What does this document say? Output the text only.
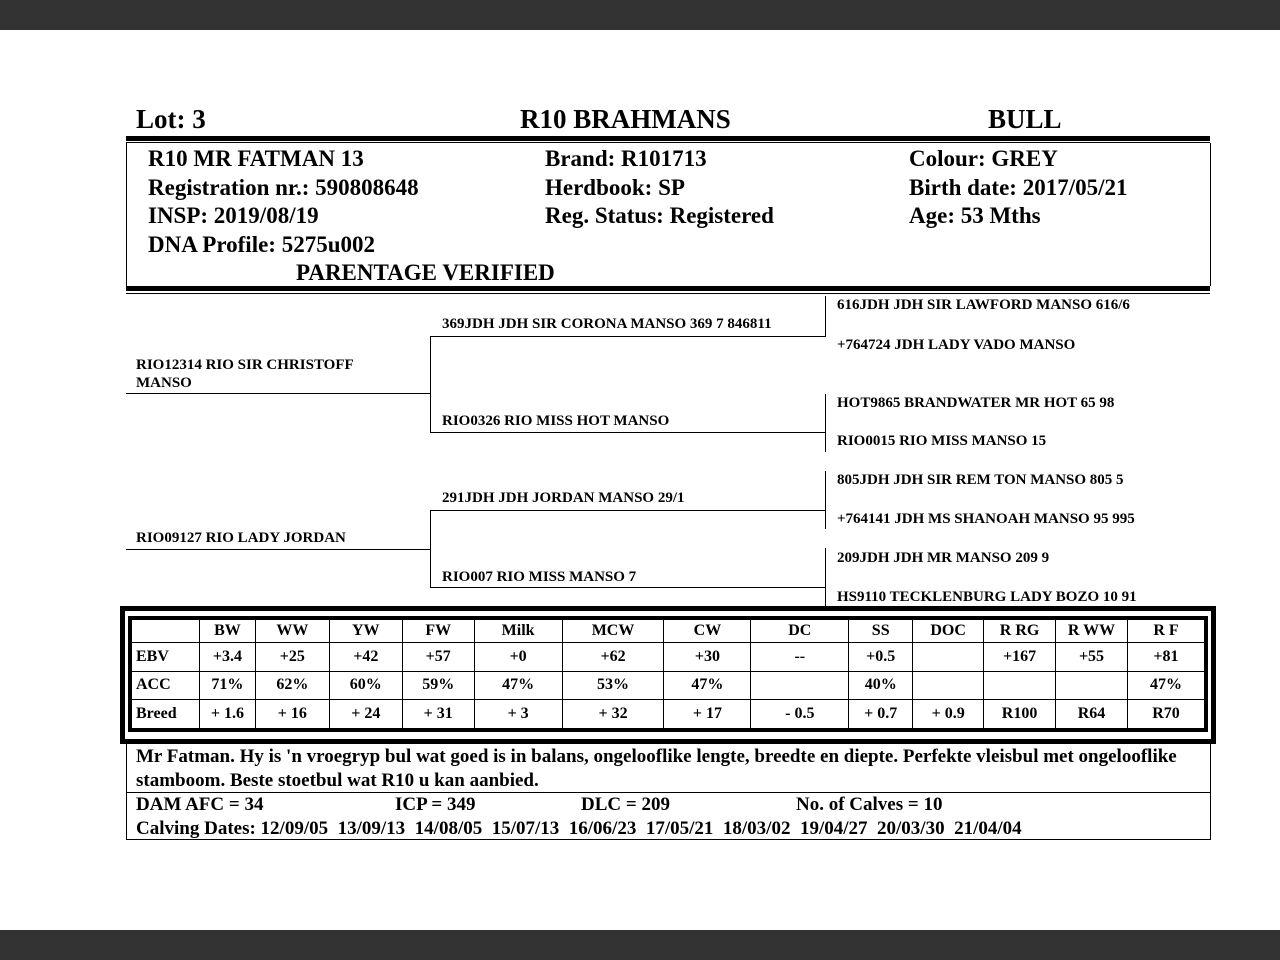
Lot: 3	R10 BRAHMANS	BULL
R10 MR FATMAN 13
Registration nr.: 590808648
INSP: 2019/08/19
DNA Profile: 5275u002
PARENTAGE VERIFIED
Brand: R101713
Herdbook: SP
Reg. Status: Registered
Colour: GREY
Birth date: 2017/05/21
Age: 53 Mths
RIO12314 RIO SIR CHRISTOFF MANSO
RIO09127 RIO LADY JORDAN
369JDH JDH SIR CORONA MANSO 369 7 846811
RIO0326 RIO MISS HOT MANSO
291JDH JDH JORDAN MANSO 29/1
RIO007 RIO MISS MANSO 7
616JDH JDH SIR LAWFORD MANSO 616/6
+764724 JDH LADY VADO MANSO
HOT9865 BRANDWATER MR HOT 65 98
RIO0015 RIO MISS MANSO 15
805JDH JDH SIR REM TON MANSO 805 5
+764141 JDH MS SHANOAH MANSO 95 995
209JDH JDH MR MANSO 209 9
HS9110 TECKLENBURG LADY BOZO 10 91
	BW	WW	YW	FW	Milk	MCW	CW	DC	SS	DOC	R RG	R WW	R F
EBV	+3.4	+25	+42	+57	+0	+62	+30	--	+0.5		+167	+55	+81
ACC	71%	62%	60%	59%	47%	53%	47%		40%				47%
Breed	+ 1.6	+ 16	+ 24	+ 31	+ 3	+ 32	+ 17	- 0.5	+ 0.7	+ 0.9	R100	R64	R70
Mr Fatman. Hy is 'n vroegryp bul wat goed is in balans, ongelooflike lengte, breedte en diepte. Perfekte vleisbul met ongelooflike stamboom. Beste stoetbul wat R10 u kan aanbied.
DAM AFC = 34	ICP = 349	DLC = 209	No. of Calves = 10
Calving Dates: 12/09/05  13/09/13  14/08/05  15/07/13  16/06/23  17/05/21  18/03/02  19/04/27  20/03/30  21/04/04
